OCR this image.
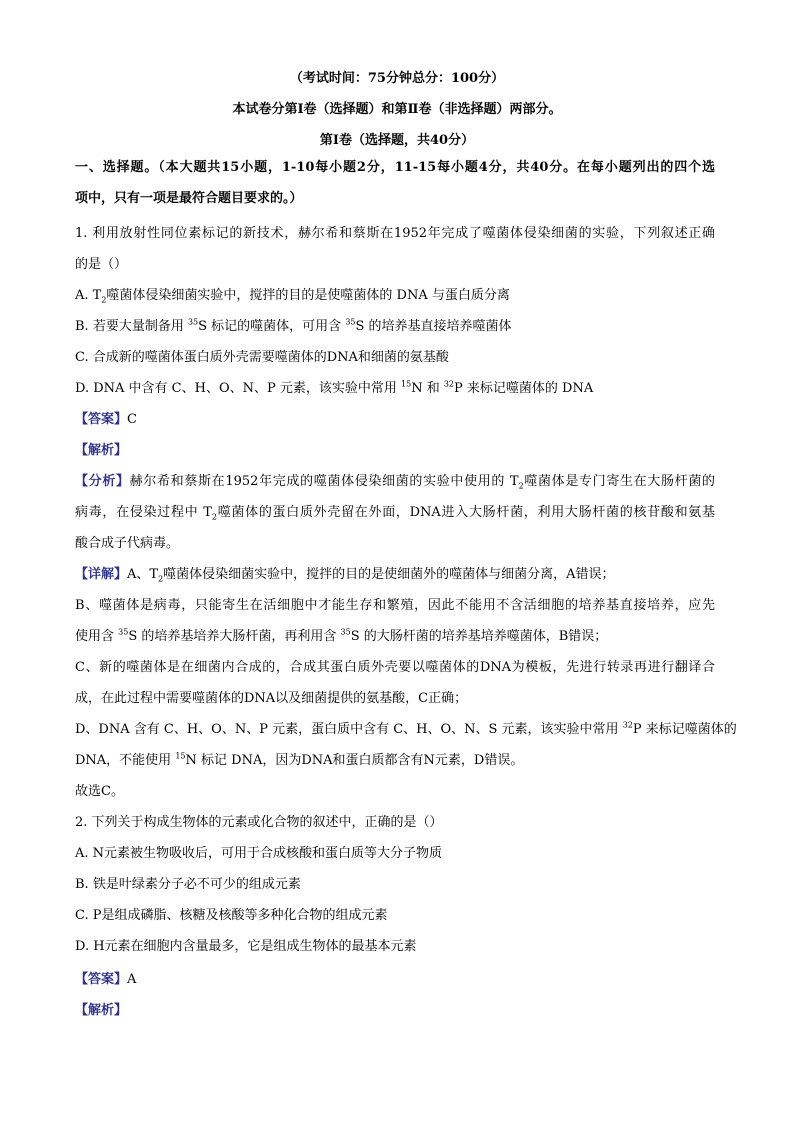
（考试时间：75分钟总分：100分）
本试卷分第Ⅰ卷（选择题）和第Ⅱ卷（非选择题）两部分。
第Ⅰ卷（选择题，共40分）
一、选择题。（本大题共15小题，1-10每小题2分，11-15每小题4分，共40分。在每小题列出的四个选
项中，只有一项是最符合题目要求的。）
1. 利用放射性同位素标记的新技术，赫尔希和蔡斯在1952年完成了噬菌体侵染细菌的实验，下列叙述正确
的是（）
A. $T_2$噬菌体侵染细菌实验中，搅拌的目的是使噬菌体的 DNA 与蛋白质分离
B. 若要大量制备用 $^{35}$S 标记的噬菌体，可用含 $^{35}$S 的培养基直接培养噬菌体
C. 合成新的噬菌体蛋白质外壳需要噬菌体的DNA和细菌的氨基酸
D. DNA 中含有 C、H、O、N、P 元素，该实验中常用 $^{15}$N 和 $^{32}$P 来标记噬菌体的 DNA
【答案】C
【解析】
【分析】赫尔希和蔡斯在1952年完成的噬菌体侵染细菌的实验中使用的 $T_2$噬菌体是专门寄生在大肠杆菌的
病毒，在侵染过程中 $T_2$噬菌体的蛋白质外壳留在外面，DNA进入大肠杆菌，利用大肠杆菌的核苷酸和氨基
酸合成子代病毒。
【详解】A、$T_2$噬菌体侵染细菌实验中，搅拌的目的是使细菌外的噬菌体与细菌分离，A错误；
B、噬菌体是病毒，只能寄生在活细胞中才能生存和繁殖，因此不能用不含活细胞的培养基直接培养，应先
使用含 $^{35}$S 的培养基培养大肠杆菌，再利用含 $^{35}$S 的大肠杆菌的培养基培养噬菌体，B错误；
C、新的噬菌体是在细菌内合成的，合成其蛋白质外壳要以噬菌体的DNA为模板，先进行转录再进行翻译合
成，在此过程中需要噬菌体的DNA以及细菌提供的氨基酸，C正确；
D、DNA 含有 C、H、O、N、P 元素，蛋白质中含有 C、H、O、N、S 元素，该实验中常用 $^{32}$P 来标记噬菌体的
DNA，不能使用 $^{15}$N 标记 DNA，因为DNA和蛋白质都含有N元素，D错误。
故选C。
2. 下列关于构成生物体的元素或化合物的叙述中，正确的是（）
A. N元素被生物吸收后，可用于合成核酸和蛋白质等大分子物质
B. 铁是叶绿素分子必不可少的组成元素
C. P是组成磷脂、核糖及核酸等多种化合物的组成元素
D. H元素在细胞内含量最多，它是组成生物体的最基本元素
【答案】A
【解析】
